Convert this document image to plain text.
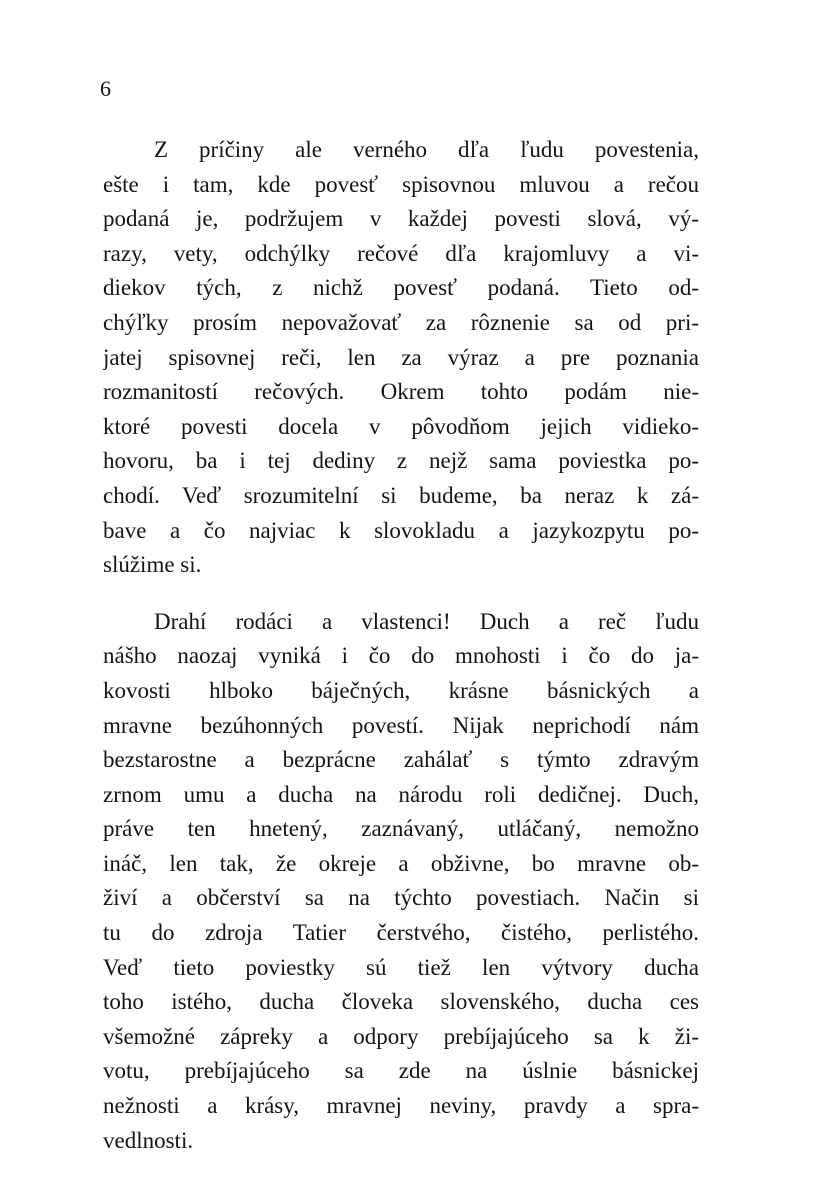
6

Z príčiny ale verného dľa ľudu povestenia,
ešte i tam, kde povesť spisovnou mluvou a rečou
podaná je, podržujem v každej povesti slová, vý-
razy, vety, odchýlky rečové dľa krajomluvy a vi-
diekov tých, z nichž povesť podaná. Tieto od-
chýľky prosím nepovažovať za rôznenie sa od pri-
jatej spisovnej reči, len za výraz a pre poznania
rozmanitostí rečových. Okrem tohto podám nie-
ktoré povesti docela v pôvodňom jejich vidieko-
hovoru, ba i tej dediny z nejž sama poviestka po-
chodí. Veď srozumitelní si budeme, ba neraz k zá-
bave a čo najviac k slovokladu a jazykozpytu po-
slúžime si.

Drahí rodáci a vlastenci! Duch a reč ľudu
nášho naozaj vyniká i čo do mnohosti i čo do ja-
kovosti hlboko báječných, krásne básnických a
mravne bezúhonných povestí. Nijak neprichodí nám
bezstarostne a bezprácne zahálať s týmto zdravým
zrnom umu a ducha na národu roli dedičnej. Duch,
práve ten hnetený, zaznávaný, utláčaný, nemožno
ináč, len tak, že okreje a obživne, bo mravne ob-
živí a občerství sa na týchto povestiach. Način si
tu do zdroja Tatier čerstvého, čistého, perlistého.
Veď tieto poviestky sú tiež len výtvory ducha
toho istého, ducha človeka slovenského, ducha ces
všemožné zápreky a odpory prebíjajúceho sa k ži-
votu, prebíjajúceho sa zde na úslnie básnickej
nežnosti a krásy, mravnej neviny, pravdy a spra-
vedlnosti.
